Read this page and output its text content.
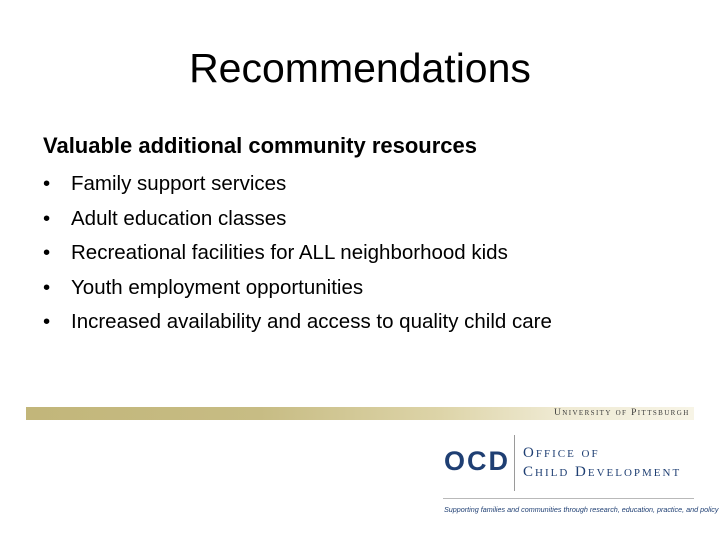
Recommendations
Valuable additional community resources
•	Family support services
•	Adult education classes
•	Recreational facilities for ALL neighborhood kids
•	Youth employment opportunities
•	Increased availability and access to quality child care
University of Pittsburgh
OCD Office of
Child Development
Supporting families and communities through research, education, practice, and policy
